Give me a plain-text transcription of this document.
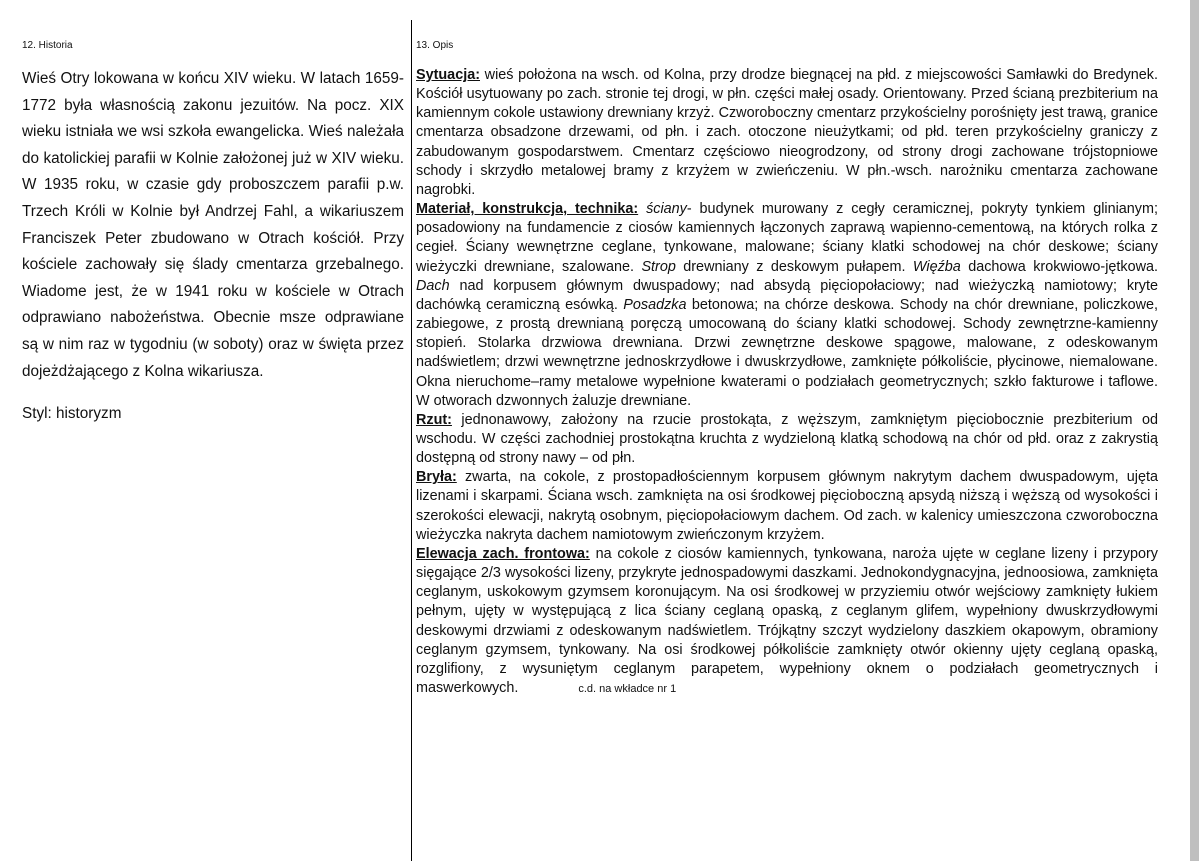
12. Historia

Wieś Otry lokowana w końcu XIV wieku. W latach 1659- 1772 była własnością zakonu jezuitów. Na pocz. XIX wieku istniała we wsi szkoła ewangelicka. Wieś należała do katolickiej parafii w Kolnie założonej już w XIV wieku. W 1935 roku, w czasie gdy proboszczem parafii p.w. Trzech Króli w Kolnie był Andrzej Fahl, a wikariuszem Franciszek Peter zbudowano w Otrach kościół. Przy kościele zachowały się ślady cmentarza grzebalnego. Wiadome jest, że w 1941 roku w kościele w Otrach odprawiano nabożeństwa. Obecnie msze odprawiane są w nim raz w tygodniu (w soboty) oraz w święta przez dojeżdżającego z Kolna wikariusza.

Styl: historyzm

13. Opis

Sytuacja: wieś położona na wsch. od Kolna, przy drodze biegnącej na płd. z miejscowości Samławki do Bredynek. Kościół usytuowany po zach. stronie tej drogi, w płn. części małej osady. Orientowany. Przed ścianą prezbiterium na kamiennym cokole ustawiony drewniany krzyż. Czworoboczny cmentarz przykościelny porośnięty jest trawą, granice cmentarza obsadzone drzewami, od płn. i zach. otoczone nieużytkami; od płd. teren przykościelny graniczy z zabudowanym gospodarstwem. Cmentarz częściowo nieogrodzony, od strony drogi zachowane trójstopniowe schody i skrzydło metalowej bramy z krzyżem w zwieńczeniu. W płn.-wsch. narożniku cmentarza zachowane nagrobki.

Materiał, konstrukcja, technika: ściany- budynek murowany z cegły ceramicznej, pokryty tynkiem glinianym; posadowiony na fundamencie z ciosów kamiennych łączonych zaprawą wapienno-cementową, na których rolka z cegieł. Ściany wewnętrzne ceglane, tynkowane, malowane; ściany klatki schodowej na chór deskowe; ściany wieżyczki drewniane, szalowane. Strop drewniany z deskowym pułapem. Więźba dachowa krokwiowo-jętkowa. Dach nad korpusem głównym dwuspadowy; nad absydą pięciopołaciowy; nad wieżyczką namiotowy; kryte dachówką ceramiczną esówką. Posadzka betonowa; na chórze deskowa. Schody na chór drewniane, policzkowe, zabiegowe, z prostą drewnianą poręczą umocowaną do ściany klatki schodowej. Schody zewnętrzne-kamienny stopień. Stolarka drzwiowa drewniana. Drzwi zewnętrzne deskowe spągowe, malowane, z odeskowanym nadświetlem; drzwi wewnętrzne jednoskrzydłowe i dwuskrzydłowe, zamknięte półkoliście, płycinowe, niemalowane. Okna nieruchome–ramy metalowe wypełnione kwaterami o podziałach geometrycznych; szkło fakturowe i taflowe. W otworach dzwonnych żaluzje drewniane.

Rzut: jednonawowy, założony na rzucie prostokąta, z węższym, zamkniętym pięciobocznie prezbiterium od wschodu. W części zachodniej prostokątna kruchta z wydzieloną klatką schodową na chór od płd. oraz z zakrystią dostępną od strony nawy – od płn.

Bryła: zwarta, na cokole, z prostopadłościennym korpusem głównym nakrytym dachem dwuspadowym, ujęta lizenami i skarpami. Ściana wsch. zamknięta na osi środkowej pięcioboczną apsydą niższą i węższą od wysokości i szerokości elewacji, nakrytą osobnym, pięciopołaciowym dachem. Od zach. w kalenicy umieszczona czworoboczna wieżyczka nakryta dachem namiotowym zwieńczonym krzyżem.

Elewacja zach. frontowa: na cokole z ciosów kamiennych, tynkowana, naroża ujęte w ceglane lizeny i przypory sięgające 2/3 wysokości lizeny, przykryte jednospadowymi daszkami. Jednokondygnacyjna, jednoosiowa, zamknięta ceglanym, uskokowym gzymsem koronującym. Na osi środkowej w przyziemiu otwór wejściowy zamknięty łukiem pełnym, ujęty w występującą z lica ściany ceglaną opaską, z ceglanym glifem, wypełniony dwuskrzydłowymi deskowymi drzwiami z odeskowanym nadświetlem. Trójkątny szczyt wydzielony daszkiem okapowym, obramiony ceglanym gzymsem, tynkowany. Na osi środkowej półkoliście zamknięty otwór okienny ujęty ceglaną opaską, rozglifiony, z wysuniętym ceglanym parapetem, wypełniony oknem o podziałach geometrycznych i maswerkowych.	c.d. na wkładce nr 1
